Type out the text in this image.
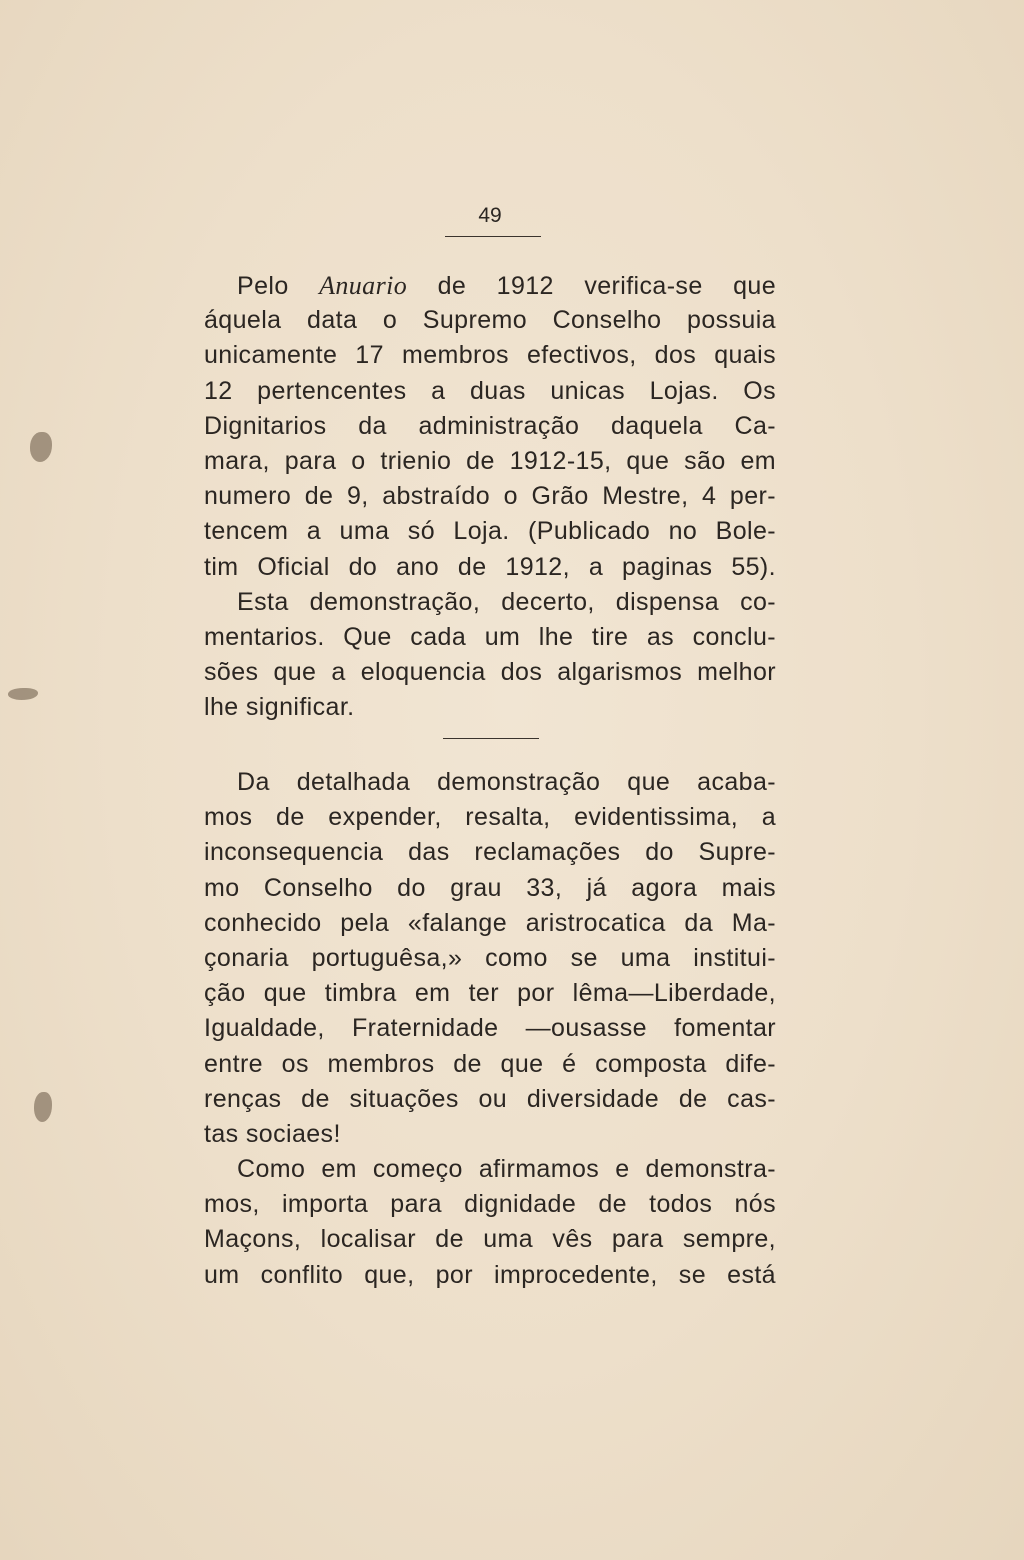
49
Pelo Anuario de 1912 verifica-se que
áquela data o Supremo Conselho possuia
unicamente 17 membros efectivos, dos quais
12 pertencentes a duas unicas Lojas. Os
Dignitarios da administração daquela Ca-
mara, para o trienio de 1912-15, que são em
numero de 9, abstraído o Grão Mestre, 4 per-
tencem a uma só Loja. (Publicado no Bole-
tim Oficial do ano de 1912, a paginas 55).
Esta demonstração, decerto, dispensa co-
mentarios. Que cada um lhe tire as conclu-
sões que a eloquencia dos algarismos melhor
lhe significar.
Da detalhada demonstração que acaba-
mos de expender, resalta, evidentissima, a
inconsequencia das reclamações do Supre-
mo Conselho do grau 33, já agora mais
conhecido pela «falange aristrocatica da Ma-
çonaria portuguêsa,» como se uma institui-
ção que timbra em ter por lêma—Liberdade,
Igualdade, Fraternidade —ousasse fomentar
entre os membros de que é composta dife-
renças de situações ou diversidade de cas-
tas sociaes!
Como em começo afirmamos e demonstra-
mos, importa para dignidade de todos nós
Maçons, localisar de uma vês para sempre,
um conflito que, por improcedente, se está
